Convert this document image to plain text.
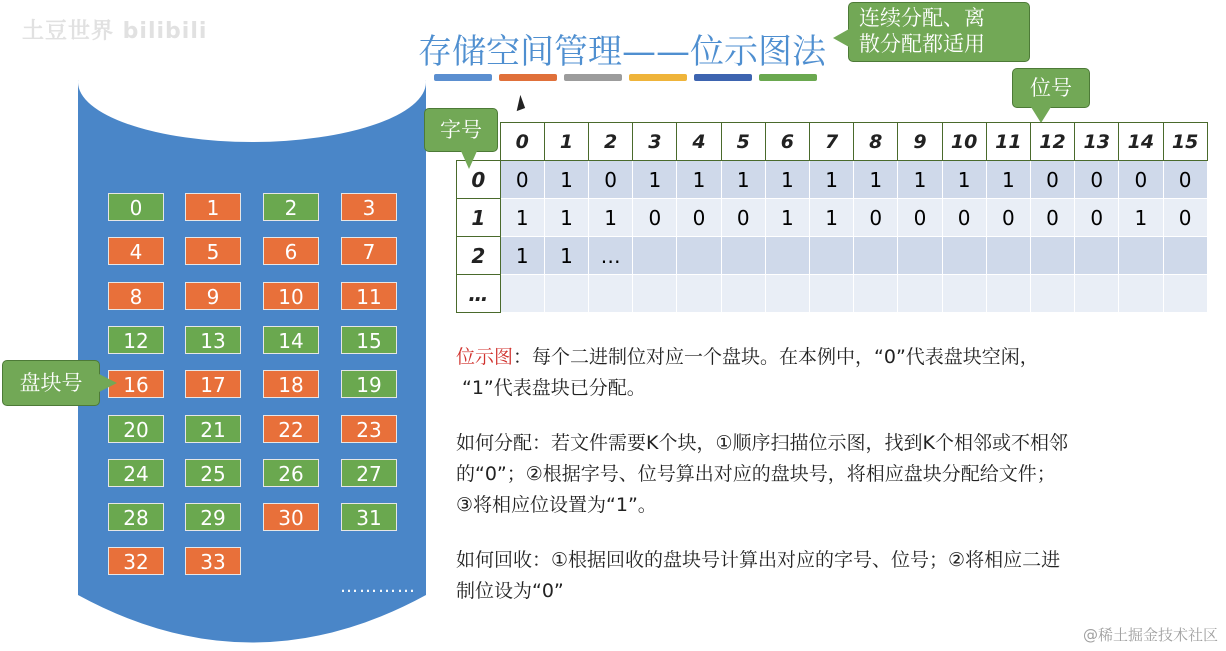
土豆世界 bilibili
存储空间管理——位示图法
连续分配、离
散分配都适用
位号
字号
盘块号
0	1	2	3
4	5	6	7
8	9	10	11
12	13	14	15
16	17	18	19
20	21	22	23
24	25	26	27
28	29	30	31
32	33
…………
	0	1	2	3	4	5	6	7	8	9	10	11	12	13	14	15
0	0	1	0	1	1	1	1	1	1	1	1	1	0	0	0	0
1	1	1	1	0	0	0	1	1	0	0	0	0	0	0	1	0
2	1	1	…													
…																
位示图：每个二进制位对应一个盘块。在本例中，“0”代表盘块空闲，
“1”代表盘块已分配。
如何分配：若文件需要K个块，①顺序扫描位示图，找到K个相邻或不相邻
的“0”；②根据字号、位号算出对应的盘块号，将相应盘块分配给文件；
③将相应位设置为“1”。
如何回收：①根据回收的盘块号计算出对应的字号、位号；②将相应二进
制位设为“0”
@稀土掘金技术社区
